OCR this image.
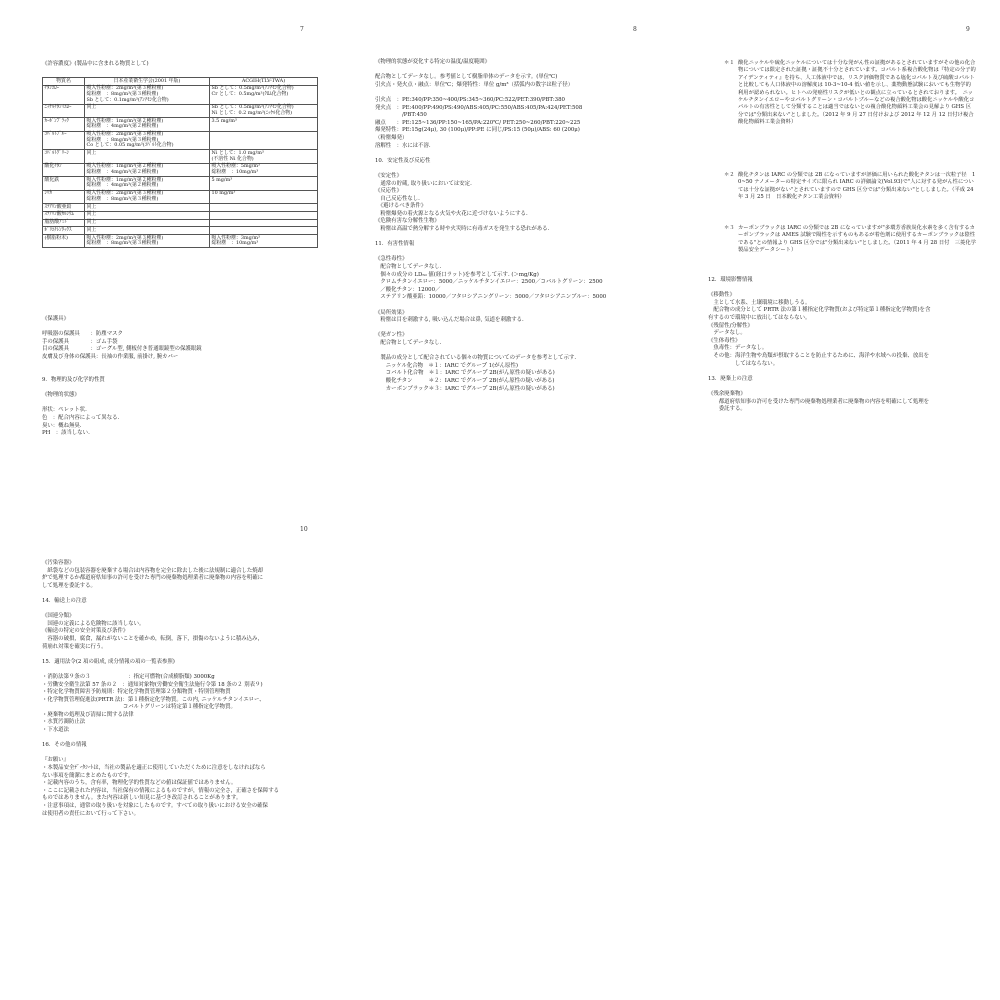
7
《許容濃度》(製品中に含まれる物質として)
物質名	日本産業衛生学会(2001 年版)	ACGIH(TLV-TWA)
ﾁﾀﾝｴﾛｰ	吸入性粉塵：2mg/m³(第３種粉塵)
総粉塵　：8mg/m³(第３種粉塵)
Sb として：0.1mg/m³(ｱﾝﾁﾓﾝ化合物)	Sb として：0.5mg/m³(ｱﾝﾁﾓﾝ化合物)
Cr として：0.5mg/m³(ｸﾛﾑ化合物)
ﾆｯｹﾙﾁﾀﾝｲｴﾛｰ	同上	Sb として：0.5mg/m³(ｱﾝﾁﾓﾝ化合物)
Ni として：0.2 mg/m³(ﾆｯｹﾙ化合物)
ｶｰﾎﾞﾝﾌﾞﾗｯｸ	吸入性粉塵：1mg/m³(第２種粉塵)
総粉塵　：4mg/m³(第２種粉塵)	3.5 mg/m³
ｺﾊﾞﾙﾄﾌﾞﾙｰ	吸入性粉塵：2mg/m³(第３種粉塵)
総粉塵　：8mg/m³(第３種粉塵)
Co として：0.05 mg/m³(ｺﾊﾞﾙﾄ化合物)	
ｺﾊﾞﾙﾄｸﾞﾘｰﾝ	同上	Ni として：1.0 mg/m³
(不溶性 Ni 化合物)
酸化ﾁﾀﾝ	吸入性粉塵：1mg/m³(第２種粉塵)
総粉塵　：4mg/m³(第２種粉塵)	吸入性粉塵：5mg/m³
総粉塵　：10mg/m³
酸化鉄	吸入性粉塵：1mg/m³(第２種粉塵)
総粉塵　：4mg/m³(第２種粉塵)	5 mg/m³
ｼﾘｶ	吸入性粉塵：2mg/m³(第３種粉塵)
総粉塵　：8mg/m³(第３種粉塵)	10 mg/m³
ｽﾃｱﾘﾝ酸亜鉛	同上	
ｽﾃｱﾘﾝ酸ｶﾙｼｳﾑ	同上	
脂肪酸ｱﾐﾄﾞ	同上	
ﾎﾟﾘｴﾁﾚﾝﾜｯｸｽ	同上	
(樹脂粉末)	吸入性粉塵：2mg/m³(第３種粉塵)
総粉塵　：8mg/m³(第３種粉塵)	吸入性粉塵：3mg/m³
総粉塵　：10mg/m³
《保護具》
呼吸器の保護具　　：防塵マスク
手の保護具　　　　：ゴム手袋
目の保護具　　　　：ゴーグル型, 側板付き普通眼鏡型の保護眼鏡
皮膚及び身体の保護具：長袖の作業服, 前掛け, 腕カバー
9．物理的及び化学的性質
《物理的状態》
形状：ペレット状.
色　：配合内容によって異なる.
臭い：概ね無臭.
PH　：該当しない.
8
《物理的状態が変化する特定の温度/温度範囲》
配合物としてデータなし。参考値として樹脂単体のデータを示す。(単位℃)
引火点・発火点・融点：単位℃；爆発特性：単位 g/m³（括弧内の数字は粒子径）
引火点　：PE:340/PP:350~400/PS:345~360/PC:522/PET:390/PBT:380
発火点　：PE:400/PP:490/PS:490/ABS:405/PC:550/ABS:405/PA:424/PET:508
　　　　　/PBT:450
融点　　：PE:125~136/PP:150~165/PA:220℃/ PET:250~260/PBT:220~225
爆発特性：PE:15g(24μ), 30 (100μ)/PP:PE に同じ/PS:15 (50μ)/ABS: 60 (200μ)
（粉塵爆発）
溶解性　：水には不溶.
10．安定性及び反応性
《安定性》
　通常の貯蔵, 取り扱いにおいては安定.
《反応性》
　自己反応性なし.
　《避けるべき条件》
　粉塵爆発の着火源となる火気や火花に近づけないようにする.
《危険有害な分解性生物》
　粉塵は高温で熱分解する時や火災時に有毒ガスを発生する恐れがある.
11．有害性情報
《急性毒性》
　配合物としてデータなし.
　個々の成分の LD₅₀ 値(経口ラット)を参考として示す. (＞mg/Kg)
　クロムチタンイエロー：5000／ニッケルチタンイエロー：2500／コバルトグリーン：2500
　／酸化チタン：12000／
　ステアリン酸亜鉛：10000／フタロシアニングリーン：5000／フタロシアニンブルー：5000
《局所効果》
　粉塵は目を刺激する, 吸い込んだ場合は鼻, 気道を刺激する.
《発ガン性》
　配合物としてデータなし.
　製品の成分として配合されている個々の物質についてのデータを参考として示す.
　　ニッケル化合物　＊１：IARC でグループ 1(がん原性)
　　コバルト化合物　＊１：IARC でグループ 2B(がん原性の疑いがある)
　　酸化チタン　　　＊２：IARC でグループ 2B(がん原性の疑いがある)
　　カーボンブラック＊３：IARC でグループ 2B(がん原性の疑いがある)
9
＊１ 酸化ニッケルや硫化ニッケルについては十分な発がん性の証拠があるとされていますがその他の化合物については限定された証拠・証拠不十分とされています。コバルト系複合酸化物は『特定の分子的アイデンティティ』を持ち、人工体液中では、リスク評価物質である塩化コバルト及び硫酸コバルトと比較しても人口体液中の溶解度は 10-3~10-4 低い値を示し、薬物動態試験においても生物学的利用が認められない。ヒトへの発癌性リスクが低いとの観点に立っているとされております。　ニッケルチタンイエローやコバルトグリーン・コバルトブルーなどの複合酸化物は酸化ニッケルや酸化コバルトの有害性として分類することは適当ではないとの複合酸化物顔料工業会の見解より GHS 区分では"分類出来ない"としました。（2012 年 9 月 27 日付けおよび 2012 年 12 月 12 日付け複合酸化物顔料工業会資料）
＊２ 酸化チタンは IARC の分類では 2B になっていますが評価に用いられた酸化チタンは一次粒子径　10~50 ナノメーターの特定サイズに限られ IARC の詳細論文(Vol.93)で"人に対する発がん性については十分な証拠がない"とされていますので GHS 区分では"分類出来ない"とししました。（平成 24 年 3 月 25 日　日本酸化チタン工業会資料）
＊３ カーボンブラックは IARC の分類では 2B になっていますが"多環芳香族炭化水素を多く含有するカーボンブラックは AMES 試験で陽性を示すものもあるが着色剤に使用するカーボンブラックは陰性である"との情報より GHS 区分では"分類出来ない"としました。（2011 年 4 月 28 日付　三菱化学製品安全データシート）
12．環境影響情報
《移動性》
　主として水系、土壌環境に移動しうる。
　配合物の成分として PRTR 法の第１種指定化学物質(および特定第１種指定化学物質)を含
有するので環境中に放出してはならない。
《残留性/分解性》
　データなし。
《生体毒性》
　魚毒性：データなし。
　その他：海洋生物や鳥類が摂取することを防止するために、海洋や水域への投棄、放出を
　　　　　してはならない。
13．廃棄上の注意
《残余廃棄物》
　　都道府県知事の許可を受けた専門の廃棄物処理業者に廃棄物の内容を明確にして処理を
　　委託する。
10
《汚染容器》
　紙袋などの包装容器を廃棄する場合は内容物を完全に除去した後に法規制に適合した焼却
炉で処理するか都道府県知事の許可を受けた専門の廃棄物処理業者に廃棄物の内容を明確に
して処理を委託する。
14．輸送上の注意
《国連分類》
　国連の定義による危険物に該当しない。
《輸送の特定の安全対策及び条件》
　容器の破損，腐食，漏れがないことを確かめ，転倒，落下，損傷のないように積み込み，
荷崩れ対策を確実に行う。
15．適用法令(2 項の組成, 成分情報の項の一覧表参照)
・消防法第９条の３　　　　　　　：指定可燃物(合成樹脂類) 3000Kg
・労働安全衛生法第 57 条の２　：通知対象物(労働安全衛生法施行令第 18 条の２ 別表９)
・特定化学物質障害予防規則：特定化学物質管理第２分類物質・特別管理物質
・化学物質管理促進法(PRTR 法)：第１種指定化学物質。この内, ニッケルチタンイエロー、
　　　　　　　　　　　　　　　コバルトグリーンは特定第１種指定化学物質。
・廃棄物の処理及び清掃に関する法律
・水質汚濁防止法
・下水道法
16．その他の情報
『お願い』
・本製品安全ﾃﾞｰﾀｼｰﾄは，当社の製品を適正に使用していただくために注意をしなければなら
ない事項を簡潔にまとめたものです。
・記載内容のうち，含有率，物理化学的性質などの値は保証値ではありません。
・ここに記載された内容は，当社保有の情報によるものですが，情報の完全さ，正確さを保障する
ものではありません。また内容は新しい知見に基づき改訂されることがあります。
・注意事項は，通常の取り扱いを対象にしたものです。すべての取り扱いにおける安全の確保
は使用者の責任において行って下さい。
